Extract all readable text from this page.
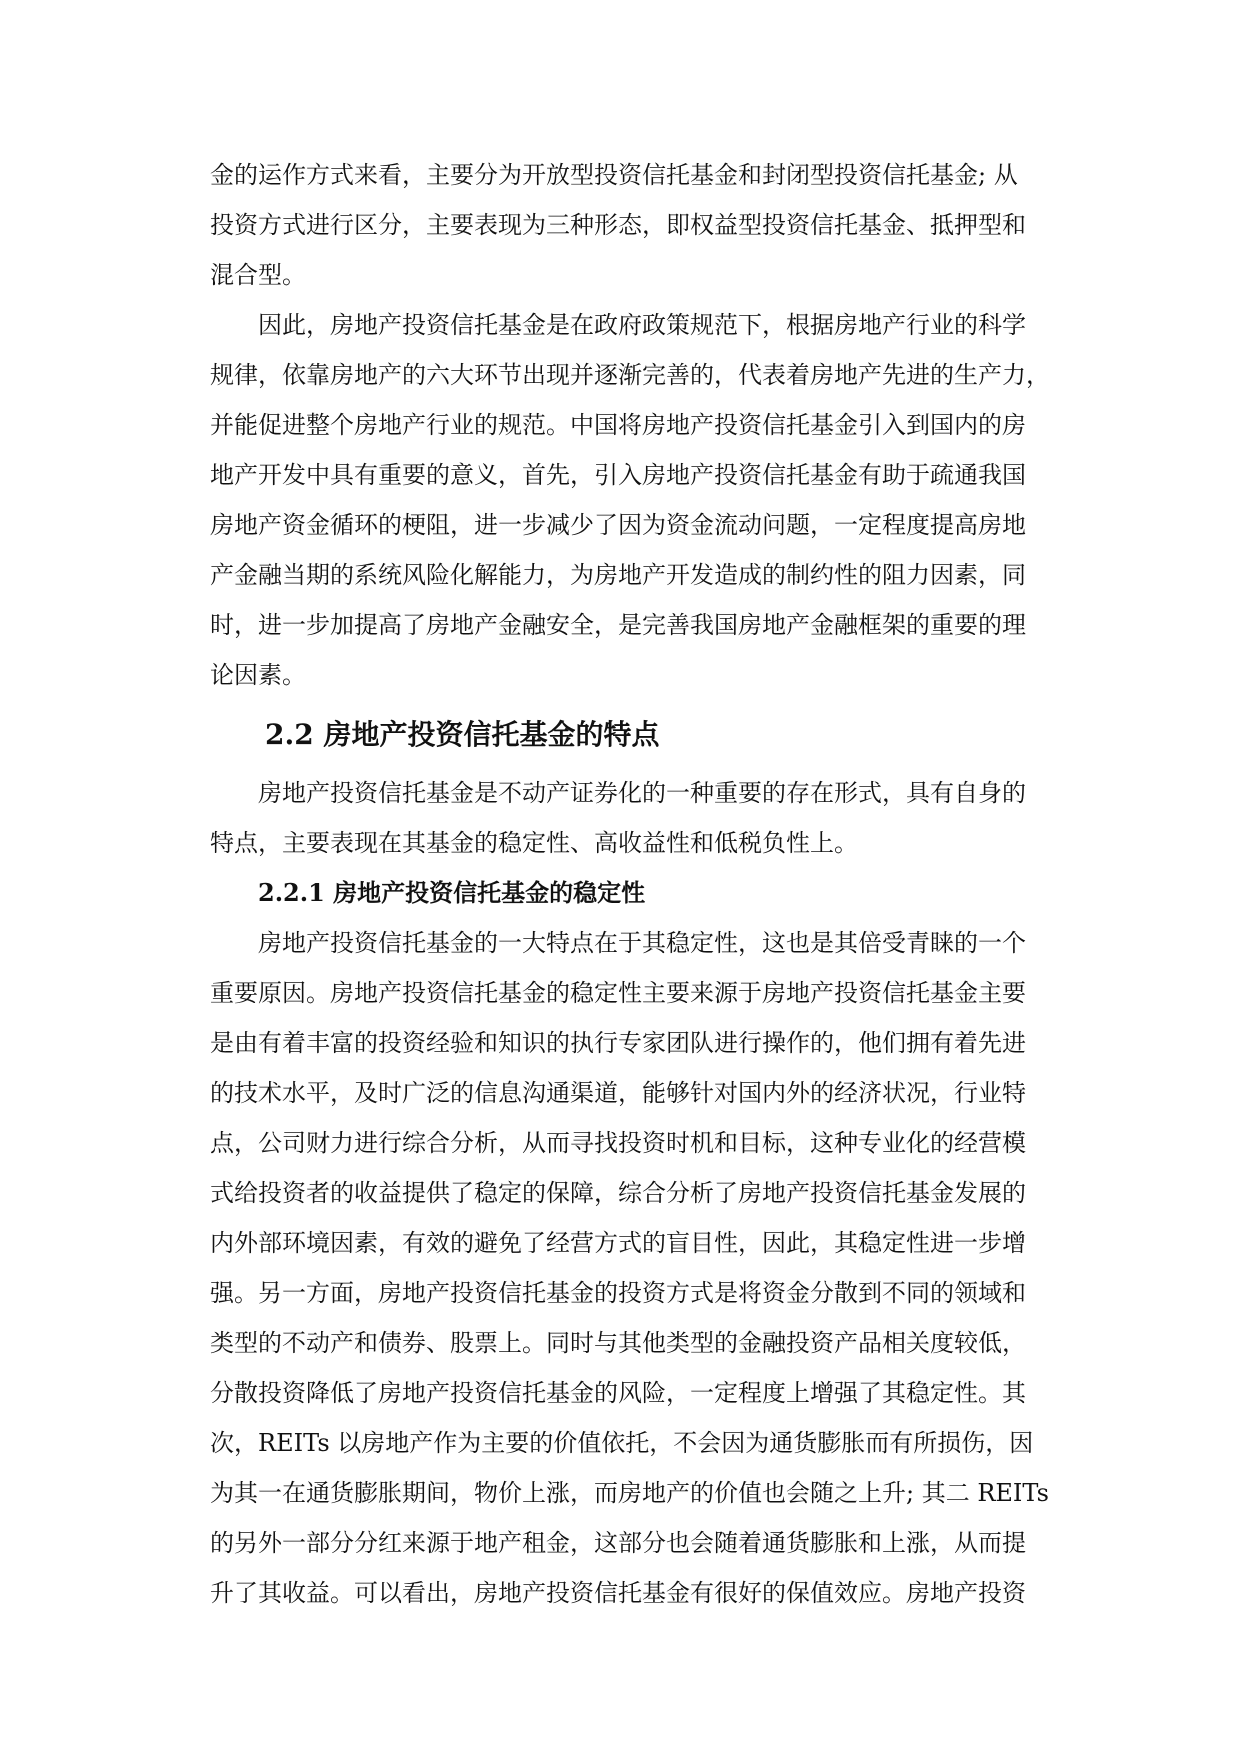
金的运作方式来看，主要分为开放型投资信托基金和封闭型投资信托基金; 从
投资方式进行区分，主要表现为三种形态，即权益型投资信托基金、抵押型和
混合型。
因此，房地产投资信托基金是在政府政策规范下，根据房地产行业的科学
规律，依靠房地产的六大环节出现并逐渐完善的，代表着房地产先进的生产力，
并能促进整个房地产行业的规范。中国将房地产投资信托基金引入到国内的房
地产开发中具有重要的意义，首先，引入房地产投资信托基金有助于疏通我国
房地产资金循环的梗阻，进一步减少了因为资金流动问题，一定程度提高房地
产金融当期的系统风险化解能力，为房地产开发造成的制约性的阻力因素，同
时，进一步加提高了房地产金融安全，是完善我国房地产金融框架的重要的理
论因素。
2.2 房地产投资信托基金的特点
房地产投资信托基金是不动产证券化的一种重要的存在形式，具有自身的
特点，主要表现在其基金的稳定性、高收益性和低税负性上。
2.2.1 房地产投资信托基金的稳定性
房地产投资信托基金的一大特点在于其稳定性，这也是其倍受青睐的一个
重要原因。房地产投资信托基金的稳定性主要来源于房地产投资信托基金主要
是由有着丰富的投资经验和知识的执行专家团队进行操作的，他们拥有着先进
的技术水平，及时广泛的信息沟通渠道，能够针对国内外的经济状况，行业特
点，公司财力进行综合分析，从而寻找投资时机和目标，这种专业化的经营模
式给投资者的收益提供了稳定的保障，综合分析了房地产投资信托基金发展的
内外部环境因素，有效的避免了经营方式的盲目性，因此，其稳定性进一步增
强。另一方面，房地产投资信托基金的投资方式是将资金分散到不同的领域和
类型的不动产和债券、股票上。同时与其他类型的金融投资产品相关度较低，
分散投资降低了房地产投资信托基金的风险，一定程度上增强了其稳定性。其
次，REITs 以房地产作为主要的价值依托，不会因为通货膨胀而有所损伤，因
为其一在通货膨胀期间，物价上涨，而房地产的价值也会随之上升; 其二 REITs
的另外一部分分红来源于地产租金，这部分也会随着通货膨胀和上涨，从而提
升了其收益。可以看出，房地产投资信托基金有很好的保值效应。房地产投资
